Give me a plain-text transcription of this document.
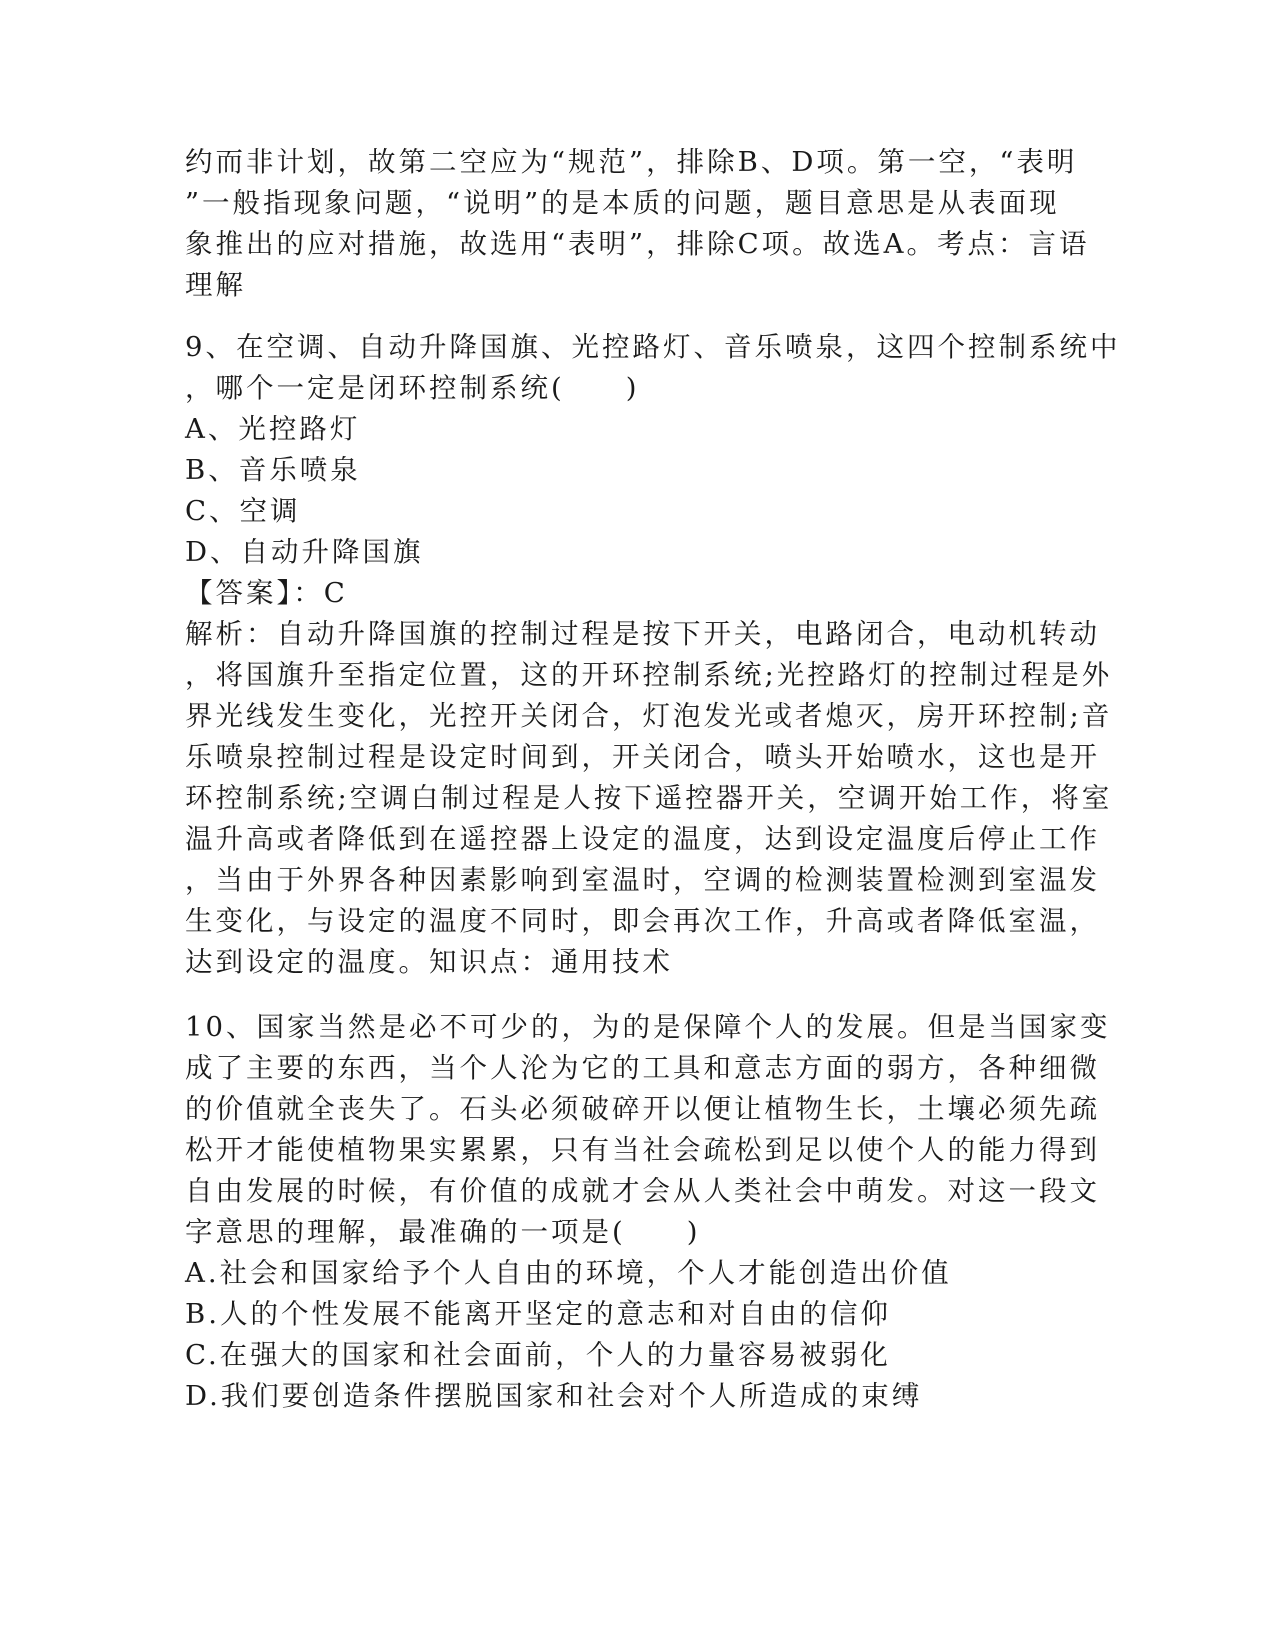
约而非计划，故第二空应为“规范”，排除B、D项。第一空，“表明

”一般指现象问题，“说明”的是本质的问题，题目意思是从表面现

象推出的应对措施，故选用“表明”，排除C项。故选A。考点：言语

理解

9、在空调、自动升降国旗、光控路灯、音乐喷泉，这四个控制系统中

，哪个一定是闭环控制系统(　　)

A、光控路灯

B、音乐喷泉

C、空调

D、自动升降国旗

【答案】：C

解析：自动升降国旗的控制过程是按下开关，电路闭合，电动机转动

，将国旗升至指定位置，这的开环控制系统;光控路灯的控制过程是外

界光线发生变化，光控开关闭合，灯泡发光或者熄灭，房开环控制;音

乐喷泉控制过程是设定时间到，开关闭合，喷头开始喷水，这也是开

环控制系统;空调白制过程是人按下遥控器开关，空调开始工作，将室

温升高或者降低到在遥控器上设定的温度，达到设定温度后停止工作

，当由于外界各种因素影响到室温时，空调的检测装置检测到室温发

生变化，与设定的温度不同时，即会再次工作，升高或者降低室温，

达到设定的温度。知识点：通用技术

10、国家当然是必不可少的，为的是保障个人的发展。但是当国家变

成了主要的东西，当个人沦为它的工具和意志方面的弱方，各种细微

的价值就全丧失了。石头必须破碎开以便让植物生长，土壤必须先疏

松开才能使植物果实累累，只有当社会疏松到足以使个人的能力得到

自由发展的时候，有价值的成就才会从人类社会中萌发。对这一段文

字意思的理解，最准确的一项是(　　)

A.社会和国家给予个人自由的环境，个人才能创造出价值

B.人的个性发展不能离开坚定的意志和对自由的信仰

C.在强大的国家和社会面前，个人的力量容易被弱化

D.我们要创造条件摆脱国家和社会对个人所造成的束缚
